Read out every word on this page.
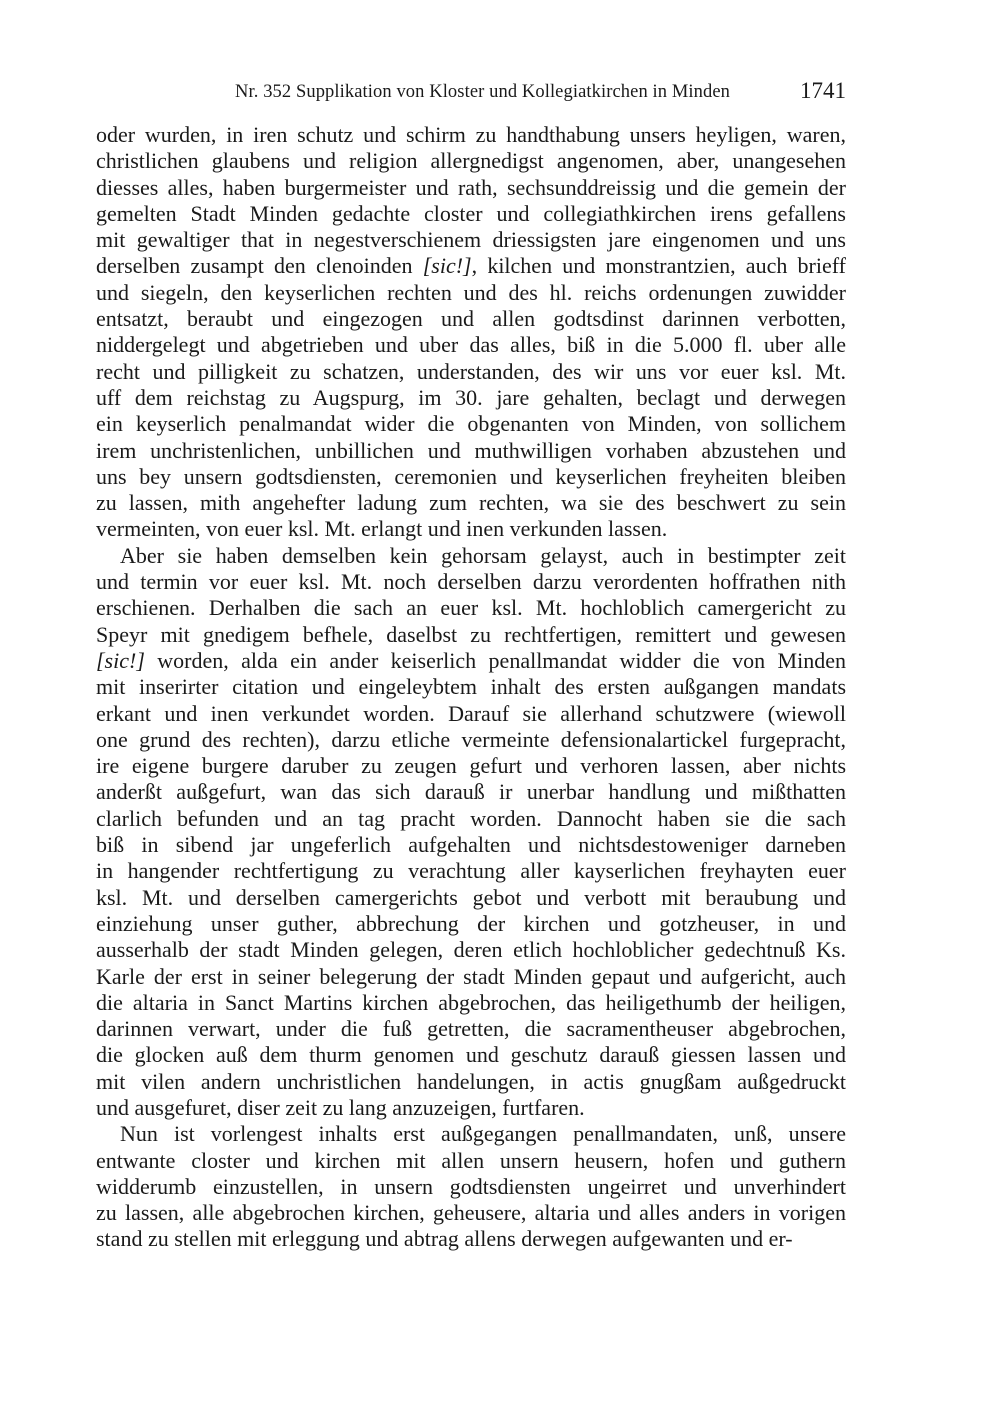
Nr. 352 Supplikation von Kloster und Kollegiatkirchen in Minden	1741
oder wurden, in iren schutz und schirm zu handthabung unsers heyligen, waren,
christlichen glaubens und religion allergnedigst angenomen, aber, unangesehen
diesses alles, haben burgermeister und rath, sechsunddreissig und die gemein der
gemelten Stadt Minden gedachte closter und collegiathkirchen irens gefallens
mit gewaltiger that in negestverschienem driessigsten jare eingenomen und uns
derselben zusampt den clenoinden [sic!], kilchen und monstrantzien, auch brieff
und siegeln, den keyserlichen rechten und des hl. reichs ordenungen zuwidder
entsatzt, beraubt und eingezogen und allen godtsdinst darinnen verbotten,
niddergelegt und abgetrieben und uber das alles, biß in die 5.000 fl. uber alle
recht und pilligkeit zu schatzen, understanden, des wir uns vor euer ksl. Mt.
uff dem reichstag zu Augspurg, im 30. jare gehalten, beclagt und derwegen
ein keyserlich penalmandat wider die obgenanten von Minden, von sollichem
irem unchristenlichen, unbillichen und muthwilligen vorhaben abzustehen und
uns bey unsern godtsdiensten, ceremonien und keyserlichen freyheiten bleiben
zu lassen, mith angehefter ladung zum rechten, wa sie des beschwert zu sein
vermeinten, von euer ksl. Mt. erlangt und inen verkunden lassen.
Aber sie haben demselben kein gehorsam gelayst, auch in bestimpter zeit
und termin vor euer ksl. Mt. noch derselben darzu verordenten hoffrathen nith
erschienen. Derhalben die sach an euer ksl. Mt. hochloblich camergericht zu
Speyr mit gnedigem befhele, daselbst zu rechtfertigen, remittert und gewesen
[sic!] worden, alda ein ander keiserlich penallmandat widder die von Minden
mit inserirter citation und eingeleybtem inhalt des ersten außgangen mandats
erkant und inen verkundet worden. Darauf sie allerhand schutzwere (wiewoll
one grund des rechten), darzu etliche vermeinte defensionalartickel furgepracht,
ire eigene burgere daruber zu zeugen gefurt und verhoren lassen, aber nichts
anderßt außgefurt, wan das sich darauß ir unerbar handlung und mißthatten
clarlich befunden und an tag pracht worden. Dannocht haben sie die sach
biß in sibend jar ungeferlich aufgehalten und nichtsdestoweniger darneben
in hangender rechtfertigung zu verachtung aller kayserlichen freyhayten euer
ksl. Mt. und derselben camergerichts gebot und verbott mit beraubung und
einziehung unser guther, abbrechung der kirchen und gotzheuser, in und
ausserhalb der stadt Minden gelegen, deren etlich hochloblicher gedechtnuß Ks.
Karle der erst in seiner belegerung der stadt Minden gepaut und aufgericht, auch
die altaria in Sanct Martins kirchen abgebrochen, das heiligethumb der heiligen,
darinnen verwart, under die fuß getretten, die sacramentheuser abgebrochen,
die glocken auß dem thurm genomen und geschutz darauß giessen lassen und
mit vilen andern unchristlichen handelungen, in actis gnugßam außgedruckt
und ausgefuret, diser zeit zu lang anzuzeigen, furtfaren.
Nun ist vorlengest inhalts erst außgegangen penallmandaten, unß, unsere
entwante closter und kirchen mit allen unsern heusern, hofen und guthern
widderumb einzustellen, in unsern godtsdiensten ungeirret und unverhindert
zu lassen, alle abgebrochen kirchen, geheusere, altaria und alles anders in vorigen
stand zu stellen mit erleggung und abtrag allens derwegen aufgewanten und er-
